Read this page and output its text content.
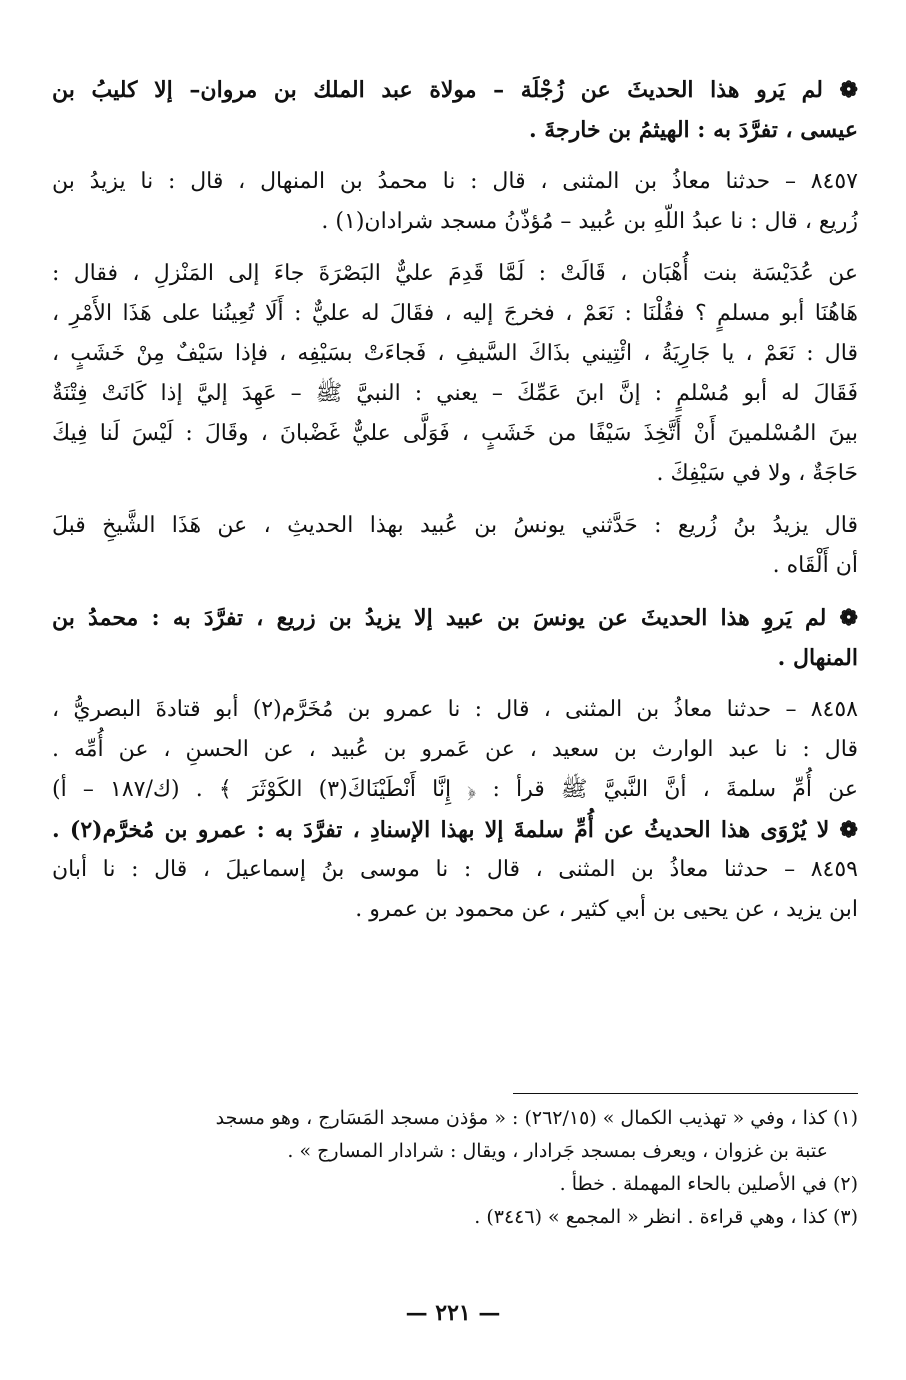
❁ لم يَرو هذا الحديثَ عن زُجْلَة – مولاة عبد الملك بن مروان– إلا كليبُ بن
عيسى ، تفرَّدَ به : الهيثمُ بن خارجةَ .
٨٤٥٧ – حدثنا معاذُ بن المثنى ، قال : نا محمدُ بن المنهال ، قال : نا يزيدُ بن
زُريع ، قال : نا عبدُ اللّهِ بن عُبيد – مُؤذّنُ مسجد شرادان(١) .
عن عُدَيْسَة بنت أُهْبَان ، قَالَتْ : لَمَّا قَدِمَ عليٌّ البَصْرَةَ جاءَ إلى المَنْزلِ ، فقال :
هَاهُنَا أبو مسلمٍ ؟ فقُلْنَا : نَعَمْ ، فخرجَ إليه ، فقَالَ له عليٌّ : أَلَا تُعِينُنا على هَذَا الأَمْرِ ،
قال : نَعَمْ ، يا جَارِيَةُ ، ائْتِيني بذَاكَ السَّيفِ ، فَجاءَتْ بسَيْفِه ، فإذا سَيْفٌ مِنْ خَشَبٍ ،
فَقَالَ له أبو مُسْلمٍ : إنَّ ابنَ عَمِّكَ – يعني : النبيَّ ﷺ – عَهِدَ إليَّ إذا كَانَتْ فِتْنَةٌ
بينَ المُسْلمينَ أَنْ أَتَّخِذَ سَيْفًا من خَشَبٍ ، فَوَلَّى عليٌّ غَضْبانَ ، وقَالَ : لَيْسَ لَنا فِيكَ
حَاجَةٌ ، ولا في سَيْفِكَ .
قال يزيدُ بنُ زُريع : حَدَّثني يونسُ بن عُبيد بهذا الحديثِ ، عن هَذَا الشَّيخِ قبلَ
أن أَلْقَاه .
❁ لم يَروِ هذا الحديثَ عن يونسَ بن عبيد إلا يزيدُ بن زريع ، تفرَّدَ به : محمدُ بن
المنهال .
٨٤٥٨ – حدثنا معاذُ بن المثنى ، قال : نا عمرو بن مُخَرَّم(٢) أبو قتادةَ البصريُّ ،
قال : نا عبد الوارث بن سعيد ، عن عَمرو بن عُبيد ، عن الحسنِ ، عن أُمِّه .
عن أُمِّ سلمةَ ، أنَّ النَّبيَّ ﷺ قرأ : ﴿ إِنَّا أَنْطَيْنَاكَ(٣) الكَوْثَرَ ﴾ . (ك/١٨٧ – أ)
❁ لا يُرْوَى هذا الحديثُ عن أُمِّ سلمةَ إلا بهذا الإسنادِ ، تفرَّدَ به : عمرو بن مُخرَّم(٢) .
٨٤٥٩ – حدثنا معاذُ بن المثنى ، قال : نا موسى بنُ إسماعيلَ ، قال : نا أبان
ابن يزيد ، عن يحيى بن أبي كثير ، عن محمود بن عمرو .
(١) كذا ، وفي « تهذيب الكمال » (٢٦٢/١٥) : « مؤذن مسجد المَسَارج ، وهو مسجد
عتبة بن غزوان ، ويعرف بمسجد جَرادار ، ويقال : شرادار المسارج » .
(٢) في الأصلين بالحاء المهملة . خطأ .
(٣) كذا ، وهي قراءة . انظر « المجمع » (٣٤٤٦) .
— ٢٢١ —
